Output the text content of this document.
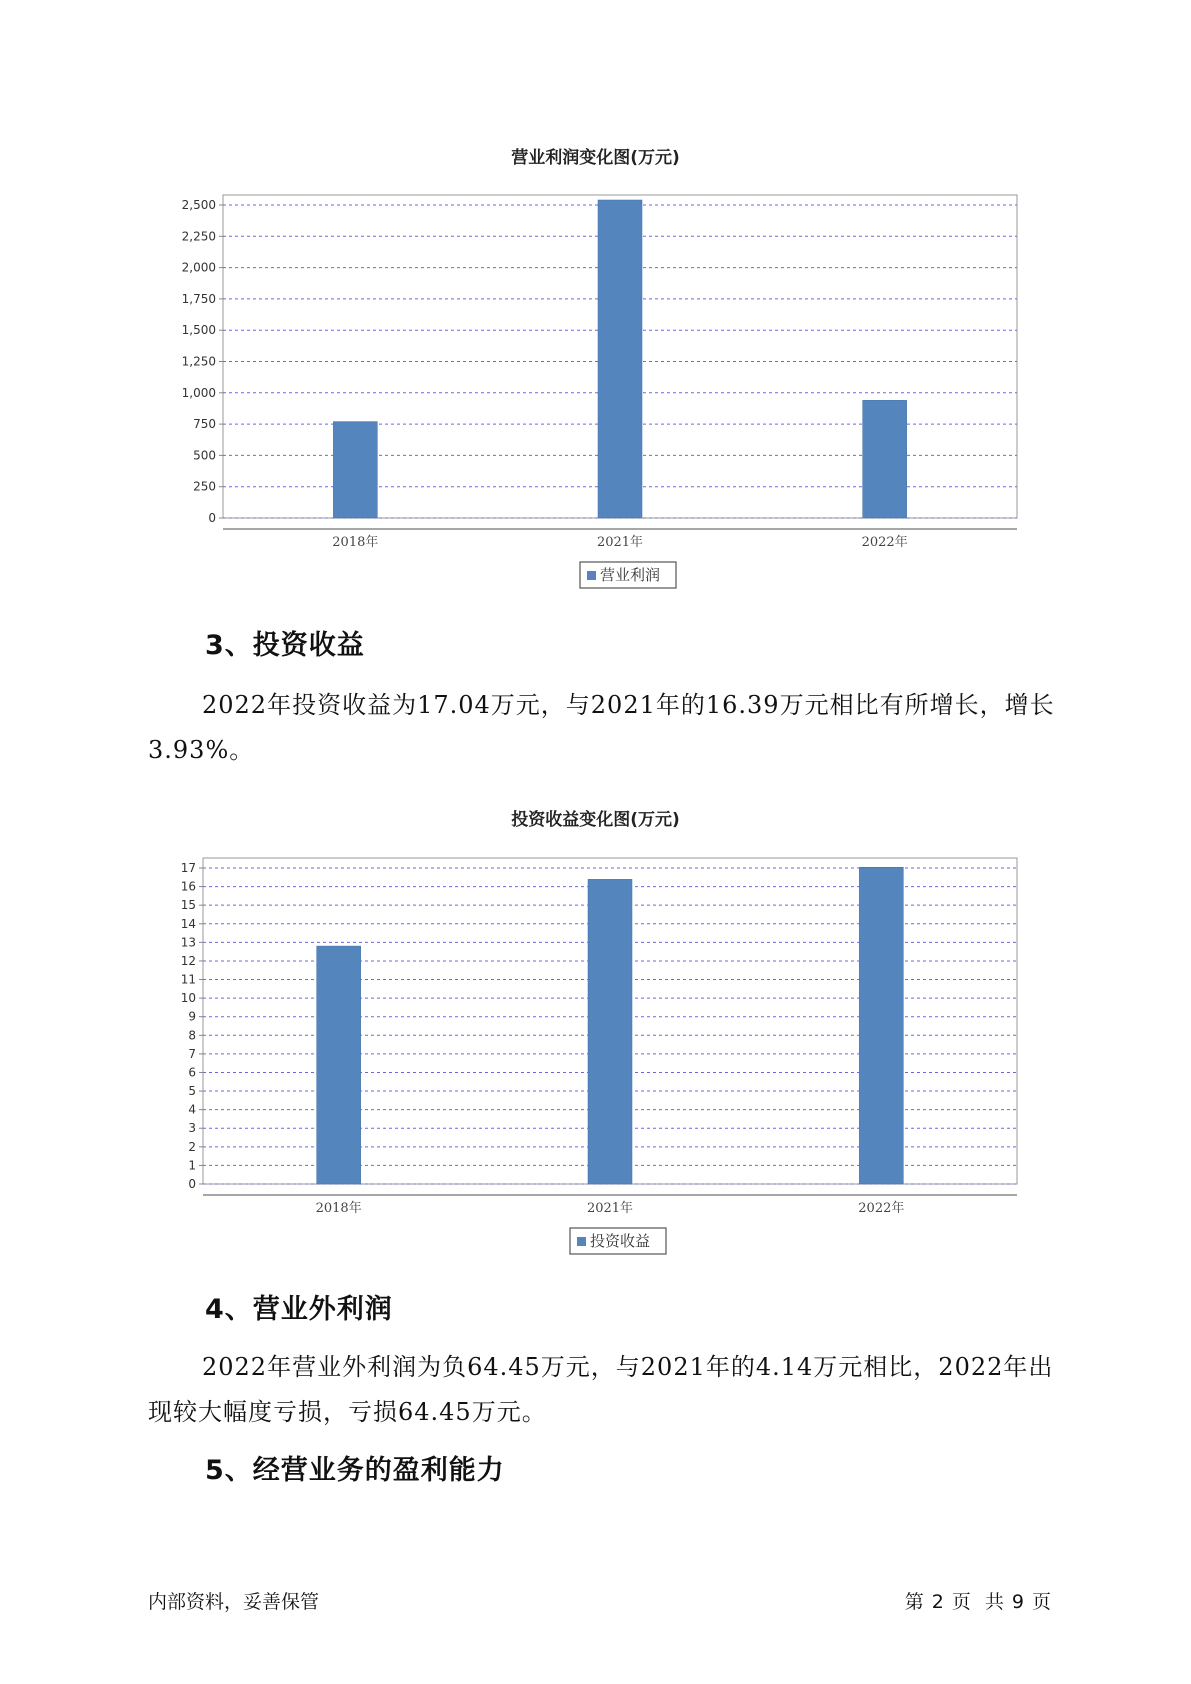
营业利润变化图(万元)
0
250
500
750
1,000
1,250
1,500
1,750
2,000
2,250
2,500
2018年	2021年	2022年
营业利润
3、投资收益
2022年投资收益为17.04万元，与2021年的16.39万元相比有所增长，增长3.93%。
投资收益变化图(万元)
0
1
2
3
4
5
6
7
8
9
10
11
12
13
14
15
16
17
2018年	2021年	2022年
投资收益
4、营业外利润
2022年营业外利润为负64.45万元，与2021年的4.14万元相比，2022年出现较大幅度亏损，亏损64.45万元。
5、经营业务的盈利能力
内部资料，妥善保管	第 2 页 共 9 页
